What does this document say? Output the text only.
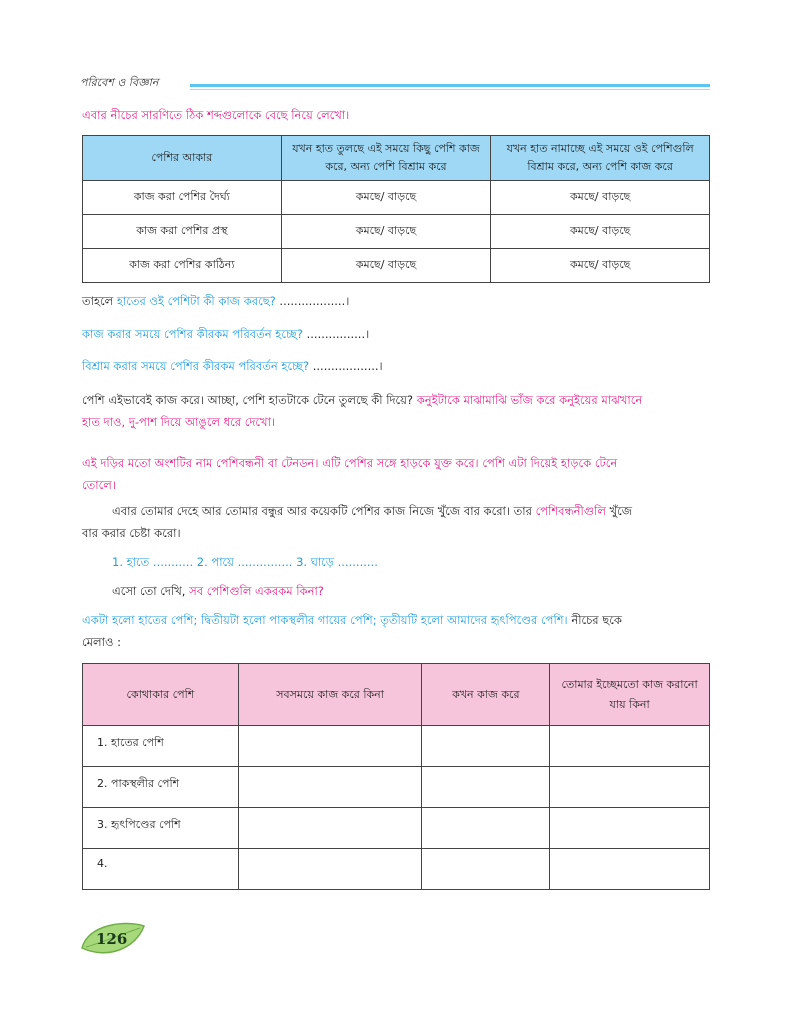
পরিবেশ ও বিজ্ঞান
এবার নীচের সারণিতে ঠিক শব্দগুলোকে বেছে নিয়ে লেখো।
পেশির আকার	যখন হাত তুলছে এই সময়ে কিছু পেশি কাজ করে, অন্য পেশি বিশ্রাম করে	যখন হাত নামাচ্ছে এই সময়ে ওই পেশিগুলি বিশ্রাম করে, অন্য পেশি কাজ করে
কাজ করা পেশির দৈর্ঘ্য	কমছে/ বাড়ছে	কমছে/ বাড়ছে
কাজ করা পেশির প্রস্থ	কমছে/ বাড়ছে	কমছে/ বাড়ছে
কাজ করা পেশির কাঠিন্য	কমছে/ বাড়ছে	কমছে/ বাড়ছে
তাহলে হাতের ওই পেশিটা কী কাজ করছে? ..................।
কাজ করার সময়ে পেশির কীরকম পরিবর্তন হচ্ছে? ................।
বিশ্রাম করার সময়ে পেশির কীরকম পরিবর্তন হচ্ছে? ..................।
পেশি এইভাবেই কাজ করে। আচ্ছা, পেশি হাতটাকে টেনে তুলছে কী দিয়ে? কনুইটাকে মাঝামাঝি ভাঁজ করে কনুইয়ের মাঝখানে
হাত দাও, দু-পাশ দিয়ে আঙুলে ধরে দেখো।
এই দড়ির মতো অংশটির নাম পেশিবন্ধনী বা টেনডন। এটি পেশির সঙ্গে হাড়কে যুক্ত করে। পেশি এটা দিয়েই হাড়কে টেনে
তোলে।
এবার তোমার দেহে আর তোমার বন্ধুর আর কয়েকটি পেশির কাজ নিজে খুঁজে বার করো। তার পেশিবন্ধনীগুলি খুঁজে
বার করার চেষ্টা করো।
1. হাতে ........... 2. পায়ে ............... 3. ঘাড়ে ...........
এসো তো দেখি, সব পেশিগুলি একরকম কিনা?
একটা হলো হাতের পেশি; দ্বিতীয়টা হলো পাকস্থলীর গায়ের পেশি; তৃতীয়টি হলো আমাদের হৃৎপিণ্ডের পেশি। নীচের ছকে
মেলাও :
কোথাকার পেশি	সবসময়ে কাজ করে কিনা	কখন কাজ করে	তোমার ইচ্ছেমতো কাজ করানো যায় কিনা
1. হাতের পেশি			
2. পাকস্থলীর পেশি			
3. হৃৎপিণ্ডের পেশি			
4.			
126
